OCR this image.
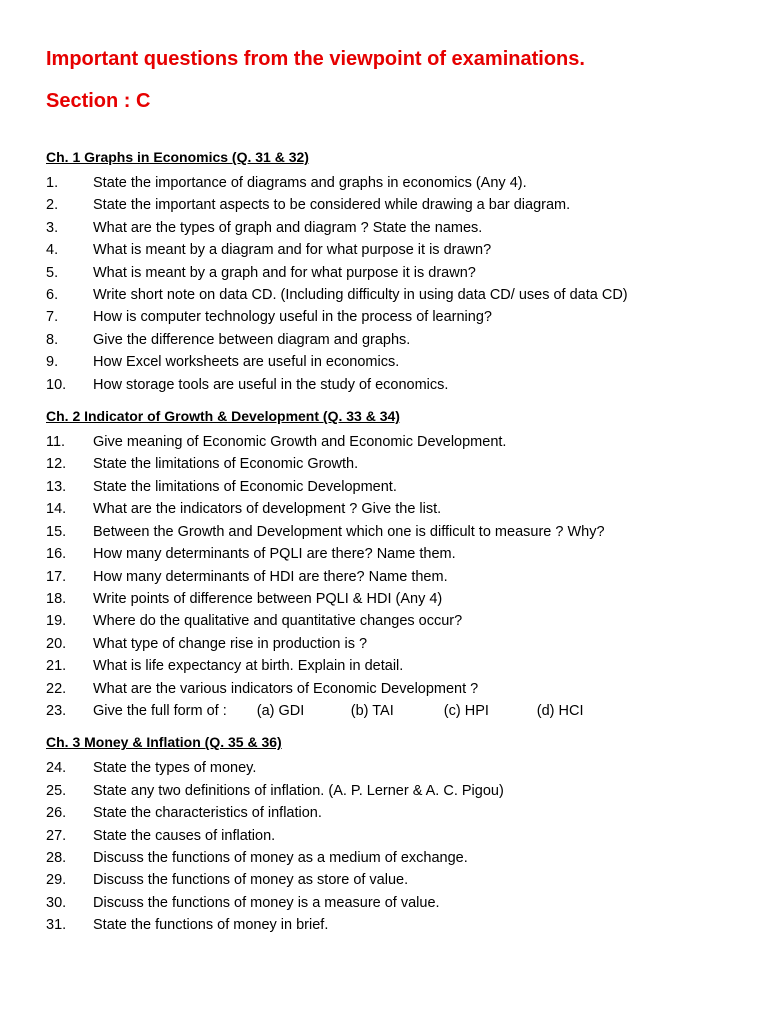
Important questions from the viewpoint of examinations.
Section : C
Ch. 1 Graphs in Economics (Q. 31 & 32)
1.	State the importance of diagrams and graphs in economics (Any 4).
2.	State the important aspects to be considered while drawing a bar diagram.
3.	What are the types of graph and diagram ? State the names.
4.	What is meant by a diagram and for what purpose it is drawn?
5.	What is meant by a graph and for what purpose it is drawn?
6.	Write short note on data CD. (Including difficulty in using data CD/ uses of data CD)
7.	How is computer technology useful in the process of learning?
8.	Give the difference between diagram and graphs.
9.	How Excel worksheets are useful in economics.
10.	How storage tools are useful in the study of economics.
Ch. 2 Indicator of Growth & Development (Q. 33 & 34)
11.	Give meaning of Economic Growth and Economic Development.
12.	State the limitations of Economic Growth.
13.	State the limitations of Economic Development.
14.	What are the indicators of development ? Give the list.
15.	Between the Growth and Development which one is difficult to measure ? Why?
16.	How many determinants of PQLI are there? Name them.
17.	How many determinants of HDI are there? Name them.
18.	Write points of difference between PQLI & HDI (Any 4)
19.	Where do the qualitative and quantitative changes occur?
20.	What type of change rise in production is ?
21.	What is life expectancy at birth. Explain in detail.
22.	What are the various indicators of Economic Development ?
23.	Give the full form of : (a) GDI	(b) TAI	(c) HPI	(d) HCI
Ch. 3 Money & Inflation (Q. 35 & 36)
24.	State the types of money.
25.	State any two definitions of inflation. (A. P. Lerner & A. C. Pigou)
26.	State the characteristics of inflation.
27.	State the causes of inflation.
28.	Discuss the functions of money as a medium of exchange.
29.	Discuss the functions of money as store of value.
30.	Discuss the functions of money is a measure of value.
31.	State the functions of money in brief.
